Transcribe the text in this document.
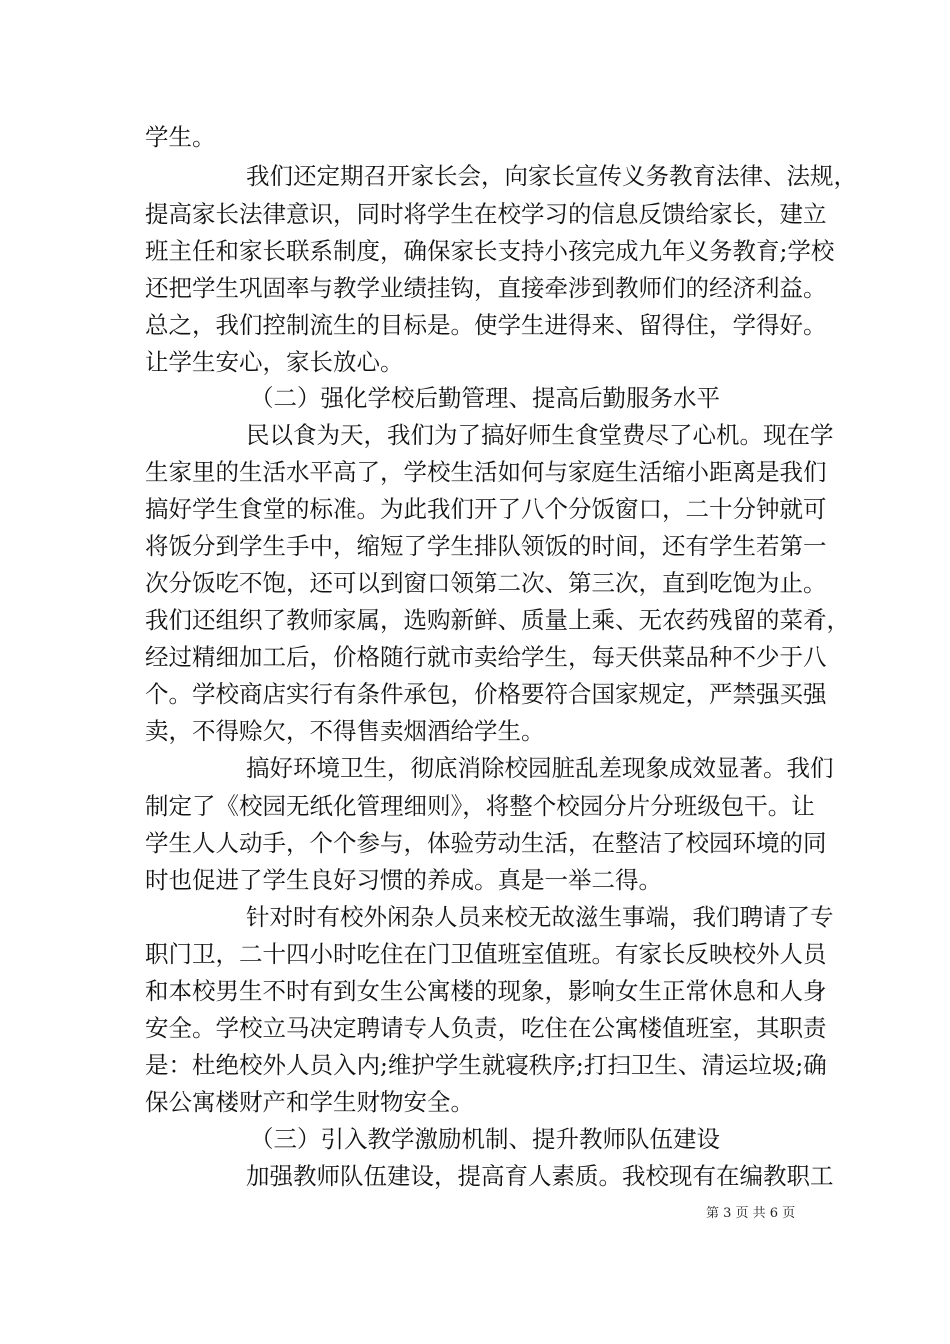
学生。
我们还定期召开家长会，向家长宣传义务教育法律、法规，
提高家长法律意识，同时将学生在校学习的信息反馈给家长，建立
班主任和家长联系制度，确保家长支持小孩完成九年义务教育;学校
还把学生巩固率与教学业绩挂钩，直接牵涉到教师们的经济利益。
总之，我们控制流生的目标是。使学生进得来、留得住，学得好。
让学生安心，家长放心。
（二）强化学校后勤管理、提高后勤服务水平
民以食为天，我们为了搞好师生食堂费尽了心机。现在学
生家里的生活水平高了，学校生活如何与家庭生活缩小距离是我们
搞好学生食堂的标准。为此我们开了八个分饭窗口，二十分钟就可
将饭分到学生手中，缩短了学生排队领饭的时间，还有学生若第一
次分饭吃不饱，还可以到窗口领第二次、第三次，直到吃饱为止。
我们还组织了教师家属，选购新鲜、质量上乘、无农药残留的菜肴，
经过精细加工后，价格随行就市卖给学生，每天供菜品种不少于八
个。学校商店实行有条件承包，价格要符合国家规定，严禁强买强
卖，不得赊欠，不得售卖烟酒给学生。
搞好环境卫生，彻底消除校园脏乱差现象成效显著。我们
制定了《校园无纸化管理细则》，将整个校园分片分班级包干。让
学生人人动手，个个参与，体验劳动生活，在整洁了校园环境的同
时也促进了学生良好习惯的养成。真是一举二得。
针对时有校外闲杂人员来校无故滋生事端，我们聘请了专
职门卫，二十四小时吃住在门卫值班室值班。有家长反映校外人员
和本校男生不时有到女生公寓楼的现象，影响女生正常休息和人身
安全。学校立马决定聘请专人负责，吃住在公寓楼值班室，其职责
是：杜绝校外人员入内;维护学生就寝秩序;打扫卫生、清运垃圾;确
保公寓楼财产和学生财物安全。
（三）引入教学激励机制、提升教师队伍建设
加强教师队伍建设，提高育人素质。我校现有在编教职工
第 3 页 共 6 页
